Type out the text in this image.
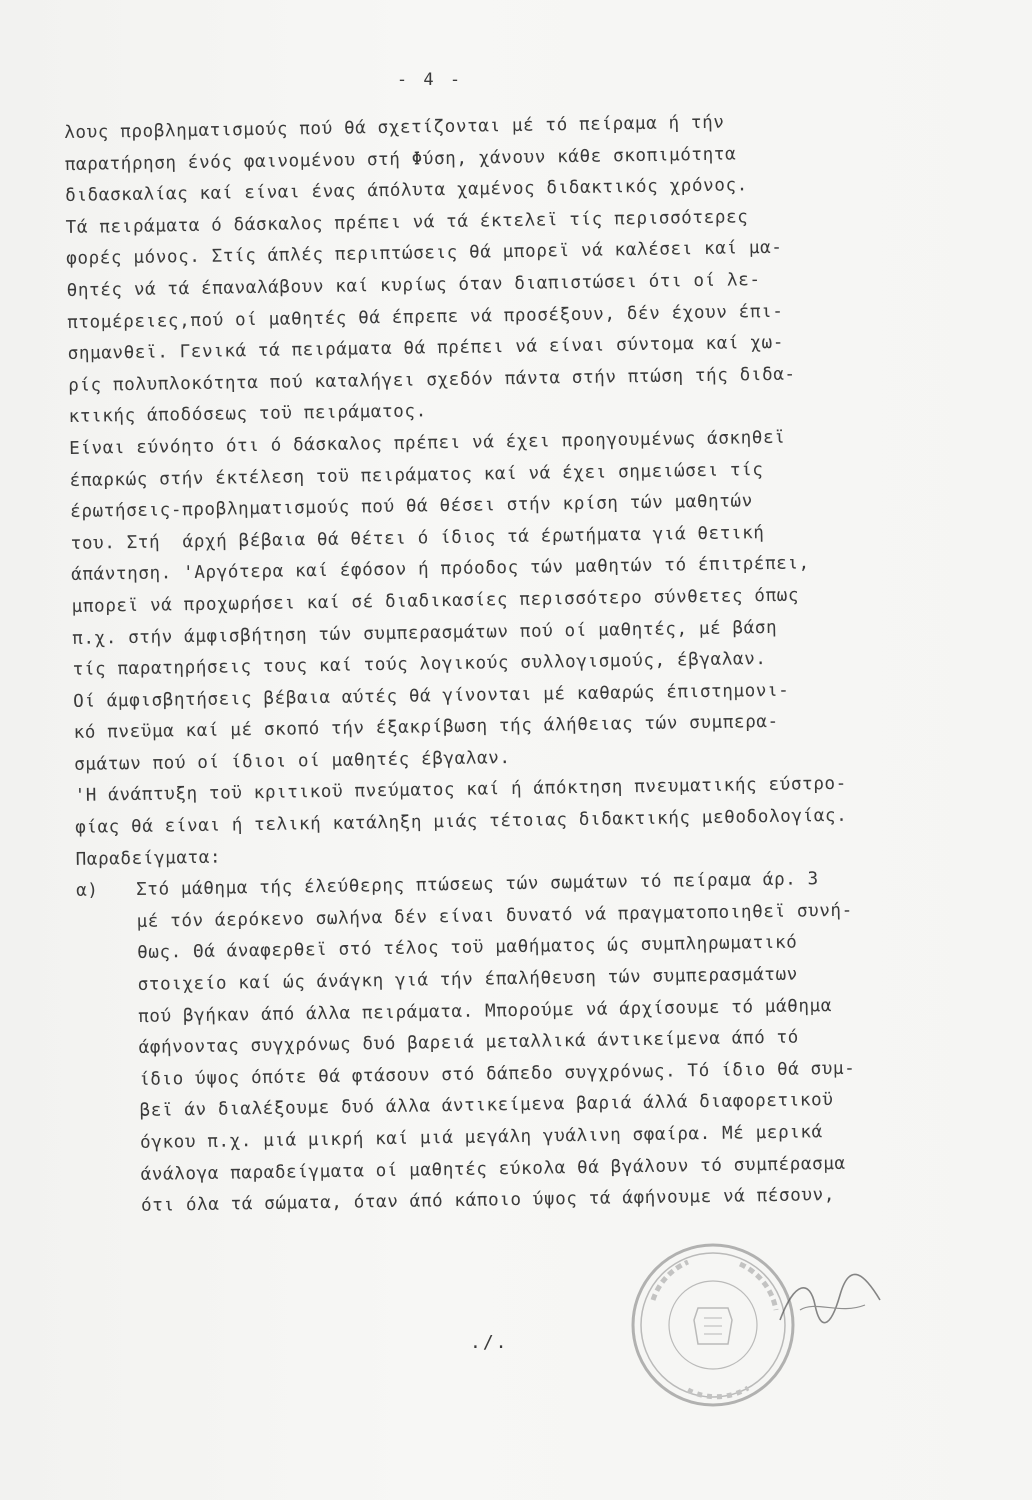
- 4 -
λους προβληματισμούς πού θά σχετίζονται μέ τό πείραμα ή τήν
παρατήρηση ένός φαινομένου στή Φύση, χάνουν κάθε σκοπιμότητα
διδασκαλίας καί είναι ένας άπόλυτα χαμένος διδακτικός χρόνος.
Τά πειράματα ό δάσκαλος πρέπει νά τά έκτελεϊ τίς περισσότερες
φορές μόνος. Στίς άπλές περιπτώσεις θά μπορεϊ νά καλέσει καί μα-
θητές νά τά έπαναλάβουν καί κυρίως όταν διαπιστώσει ότι οί λε-
πτομέρειες,πού οί μαθητές θά έπρεπε νά προσέξουν, δέν έχουν έπι-
σημανθεϊ. Γενικά τά πειράματα θά πρέπει νά είναι σύντομα καί χω-
ρίς πολυπλοκότητα πού καταλήγει σχεδόν πάντα στήν πτώση τής διδα-
κτικής άποδόσεως τοϋ πειράματος.
Είναι εύνόητο ότι ό δάσκαλος πρέπει νά έχει προηγουμένως άσκηθεϊ
έπαρκώς στήν έκτέλεση τοϋ πειράματος καί νά έχει σημειώσει τίς
έρωτήσεις-προβληματισμούς πού θά θέσει στήν κρίση τών μαθητών
του. Στή  άρχή βέβαια θά θέτει ό ίδιος τά έρωτήματα γιά θετική
άπάντηση. 'Αργότερα καί έφόσον ή πρόοδος τών μαθητών τό έπιτρέπει,
μπορεϊ νά προχωρήσει καί σέ διαδικασίες περισσότερο σύνθετες όπως
π.χ. στήν άμφισβήτηση τών συμπερασμάτων πού οί μαθητές, μέ βάση
τίς παρατηρήσεις τους καί τούς λογικούς συλλογισμούς, έβγαλαν.
Οί άμφισβητήσεις βέβαια αύτές θά γίνονται μέ καθαρώς έπιστημονι-
κό πνεϋμα καί μέ σκοπό τήν έξακρίβωση τής άλήθειας τών συμπερα-
σμάτων πού οί ίδιοι οί μαθητές έβγαλαν.
'Η άνάπτυξη τοϋ κριτικοϋ πνεύματος καί ή άπόκτηση πνευματικής εύστρο-
φίας θά είναι ή τελική κατάληξη μιάς τέτοιας διδακτικής μεθοδολογίας.
Παραδείγματα:
α) Στό μάθημα τής έλεύθερης πτώσεως τών σωμάτων τό πείραμα άρ. 3
μέ τόν άερόκενο σωλήνα δέν είναι δυνατό νά πραγματοποιηθεϊ συνή-
θως. Θά άναφερθεϊ στό τέλος τοϋ μαθήματος ώς συμπληρωματικό
στοιχείο καί ώς άνάγκη γιά τήν έπαλήθευση τών συμπερασμάτων
πού βγήκαν άπό άλλα πειράματα. Μπορούμε νά άρχίσουμε τό μάθημα
άφήνοντας συγχρόνως δυό βαρειά μεταλλικά άντικείμενα άπό τό
ίδιο ύψος όπότε θά φτάσουν στό δάπεδο συγχρόνως. Τό ίδιο θά συμ-
βεϊ άν διαλέξουμε δυό άλλα άντικείμενα βαριά άλλά διαφορετικοϋ
όγκου π.χ. μιά μικρή καί μιά μεγάλη γυάλινη σφαίρα. Μέ μερικά
άνάλογα παραδείγματα οί μαθητές εύκολα θά βγάλουν τό συμπέρασμα
ότι όλα τά σώματα, όταν άπό κάποιο ύψος τά άφήνουμε νά πέσουν,
./.
